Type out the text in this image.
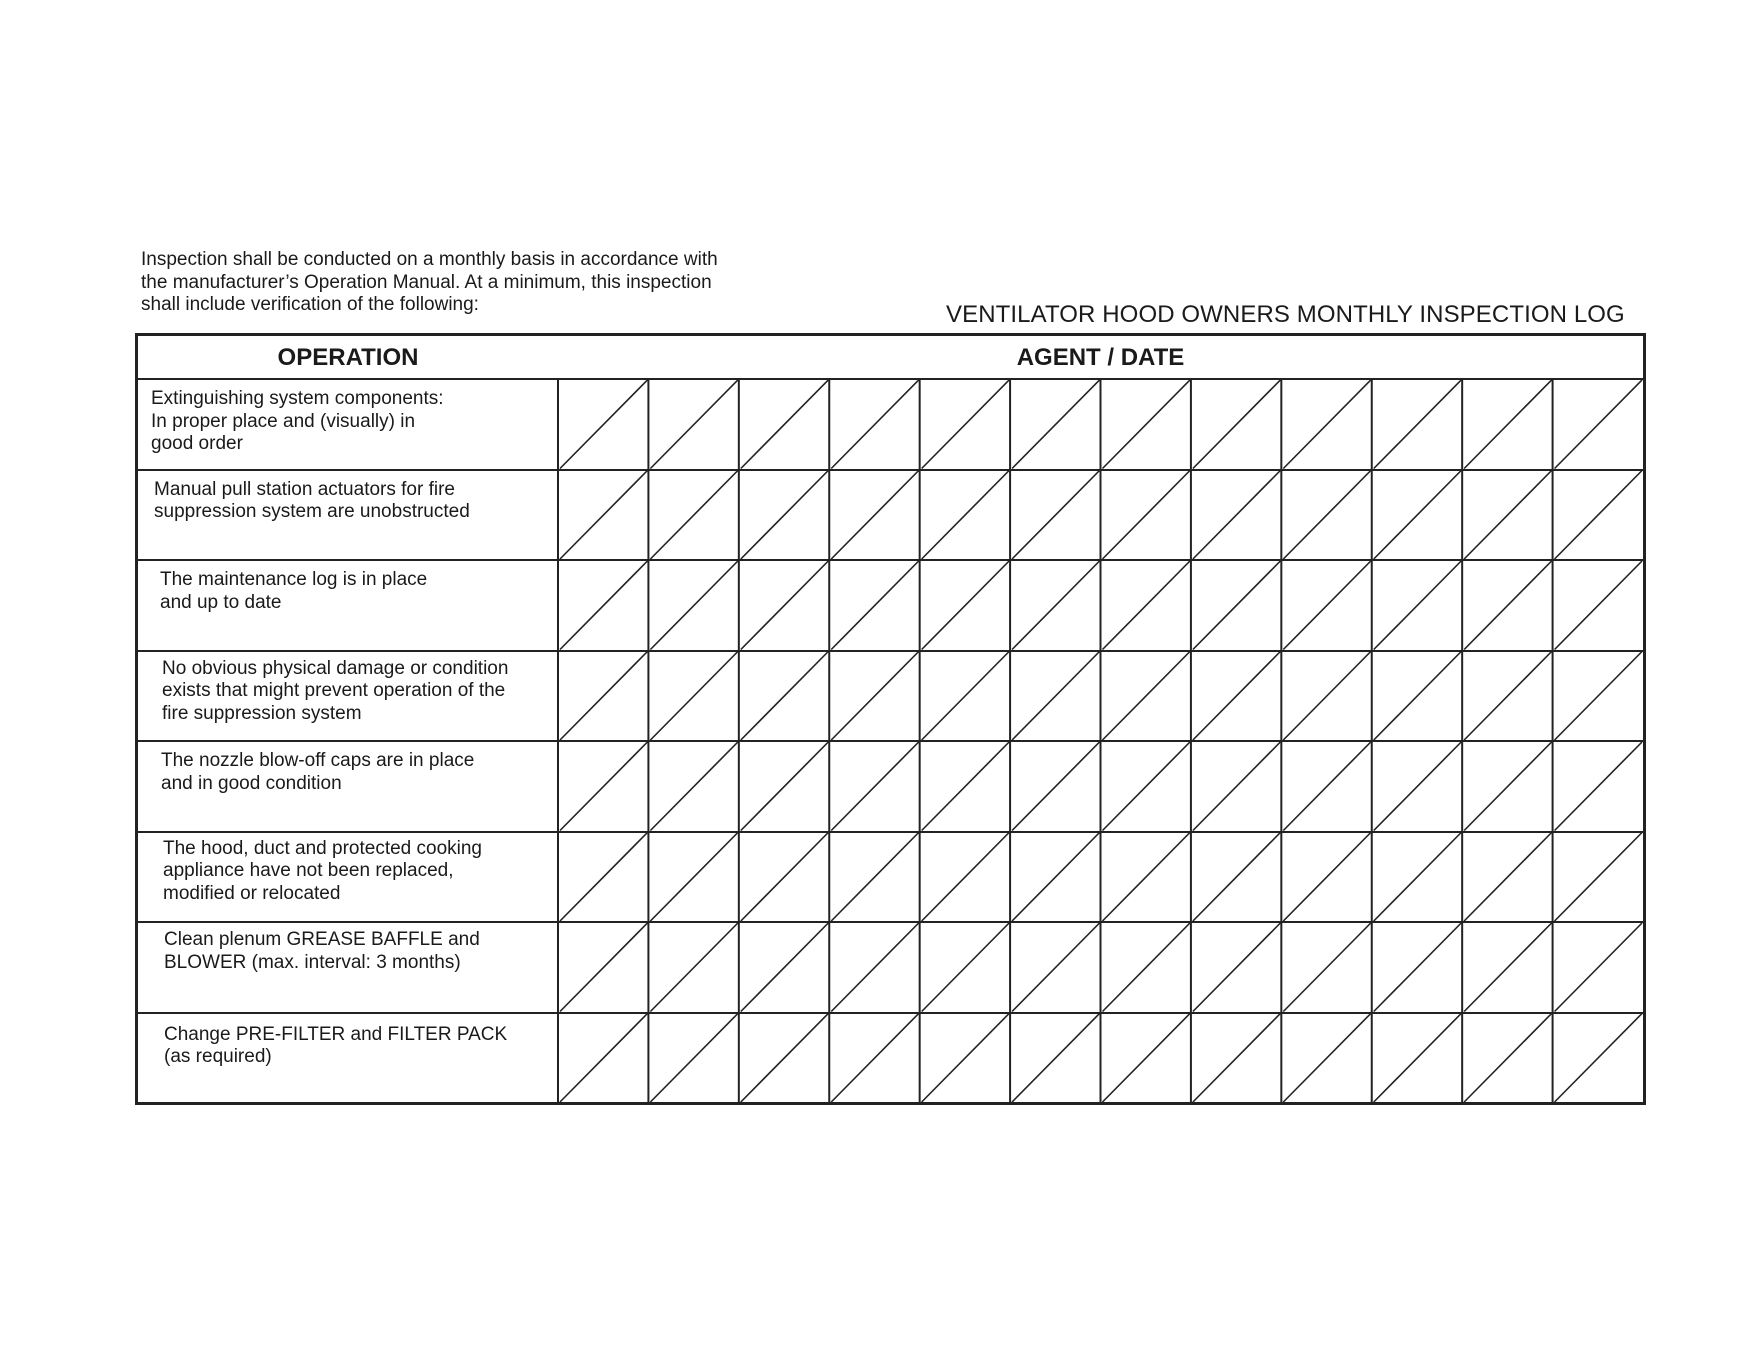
Inspection shall be conducted on a monthly basis in accordance with
the manufacturer’s Operation Manual. At a minimum, this inspection
shall include verification of the following:	VENTILATOR HOOD OWNERS MONTHLY INSPECTION LOG
OPERATION	AGENT / DATE
Extinguishing system components:
In proper place and (visually) in
good order
Manual pull station actuators for fire
suppression system are unobstructed
The maintenance log is in place
and up to date
No obvious physical damage or condition
exists that might prevent operation of the
fire suppression system
The nozzle blow-off caps are in place
and in good condition
The hood, duct and protected cooking
appliance have not been replaced,
modified or relocated
Clean plenum GREASE BAFFLE and
BLOWER (max. interval: 3 months)
Change PRE-FILTER and FILTER PACK
(as required)
